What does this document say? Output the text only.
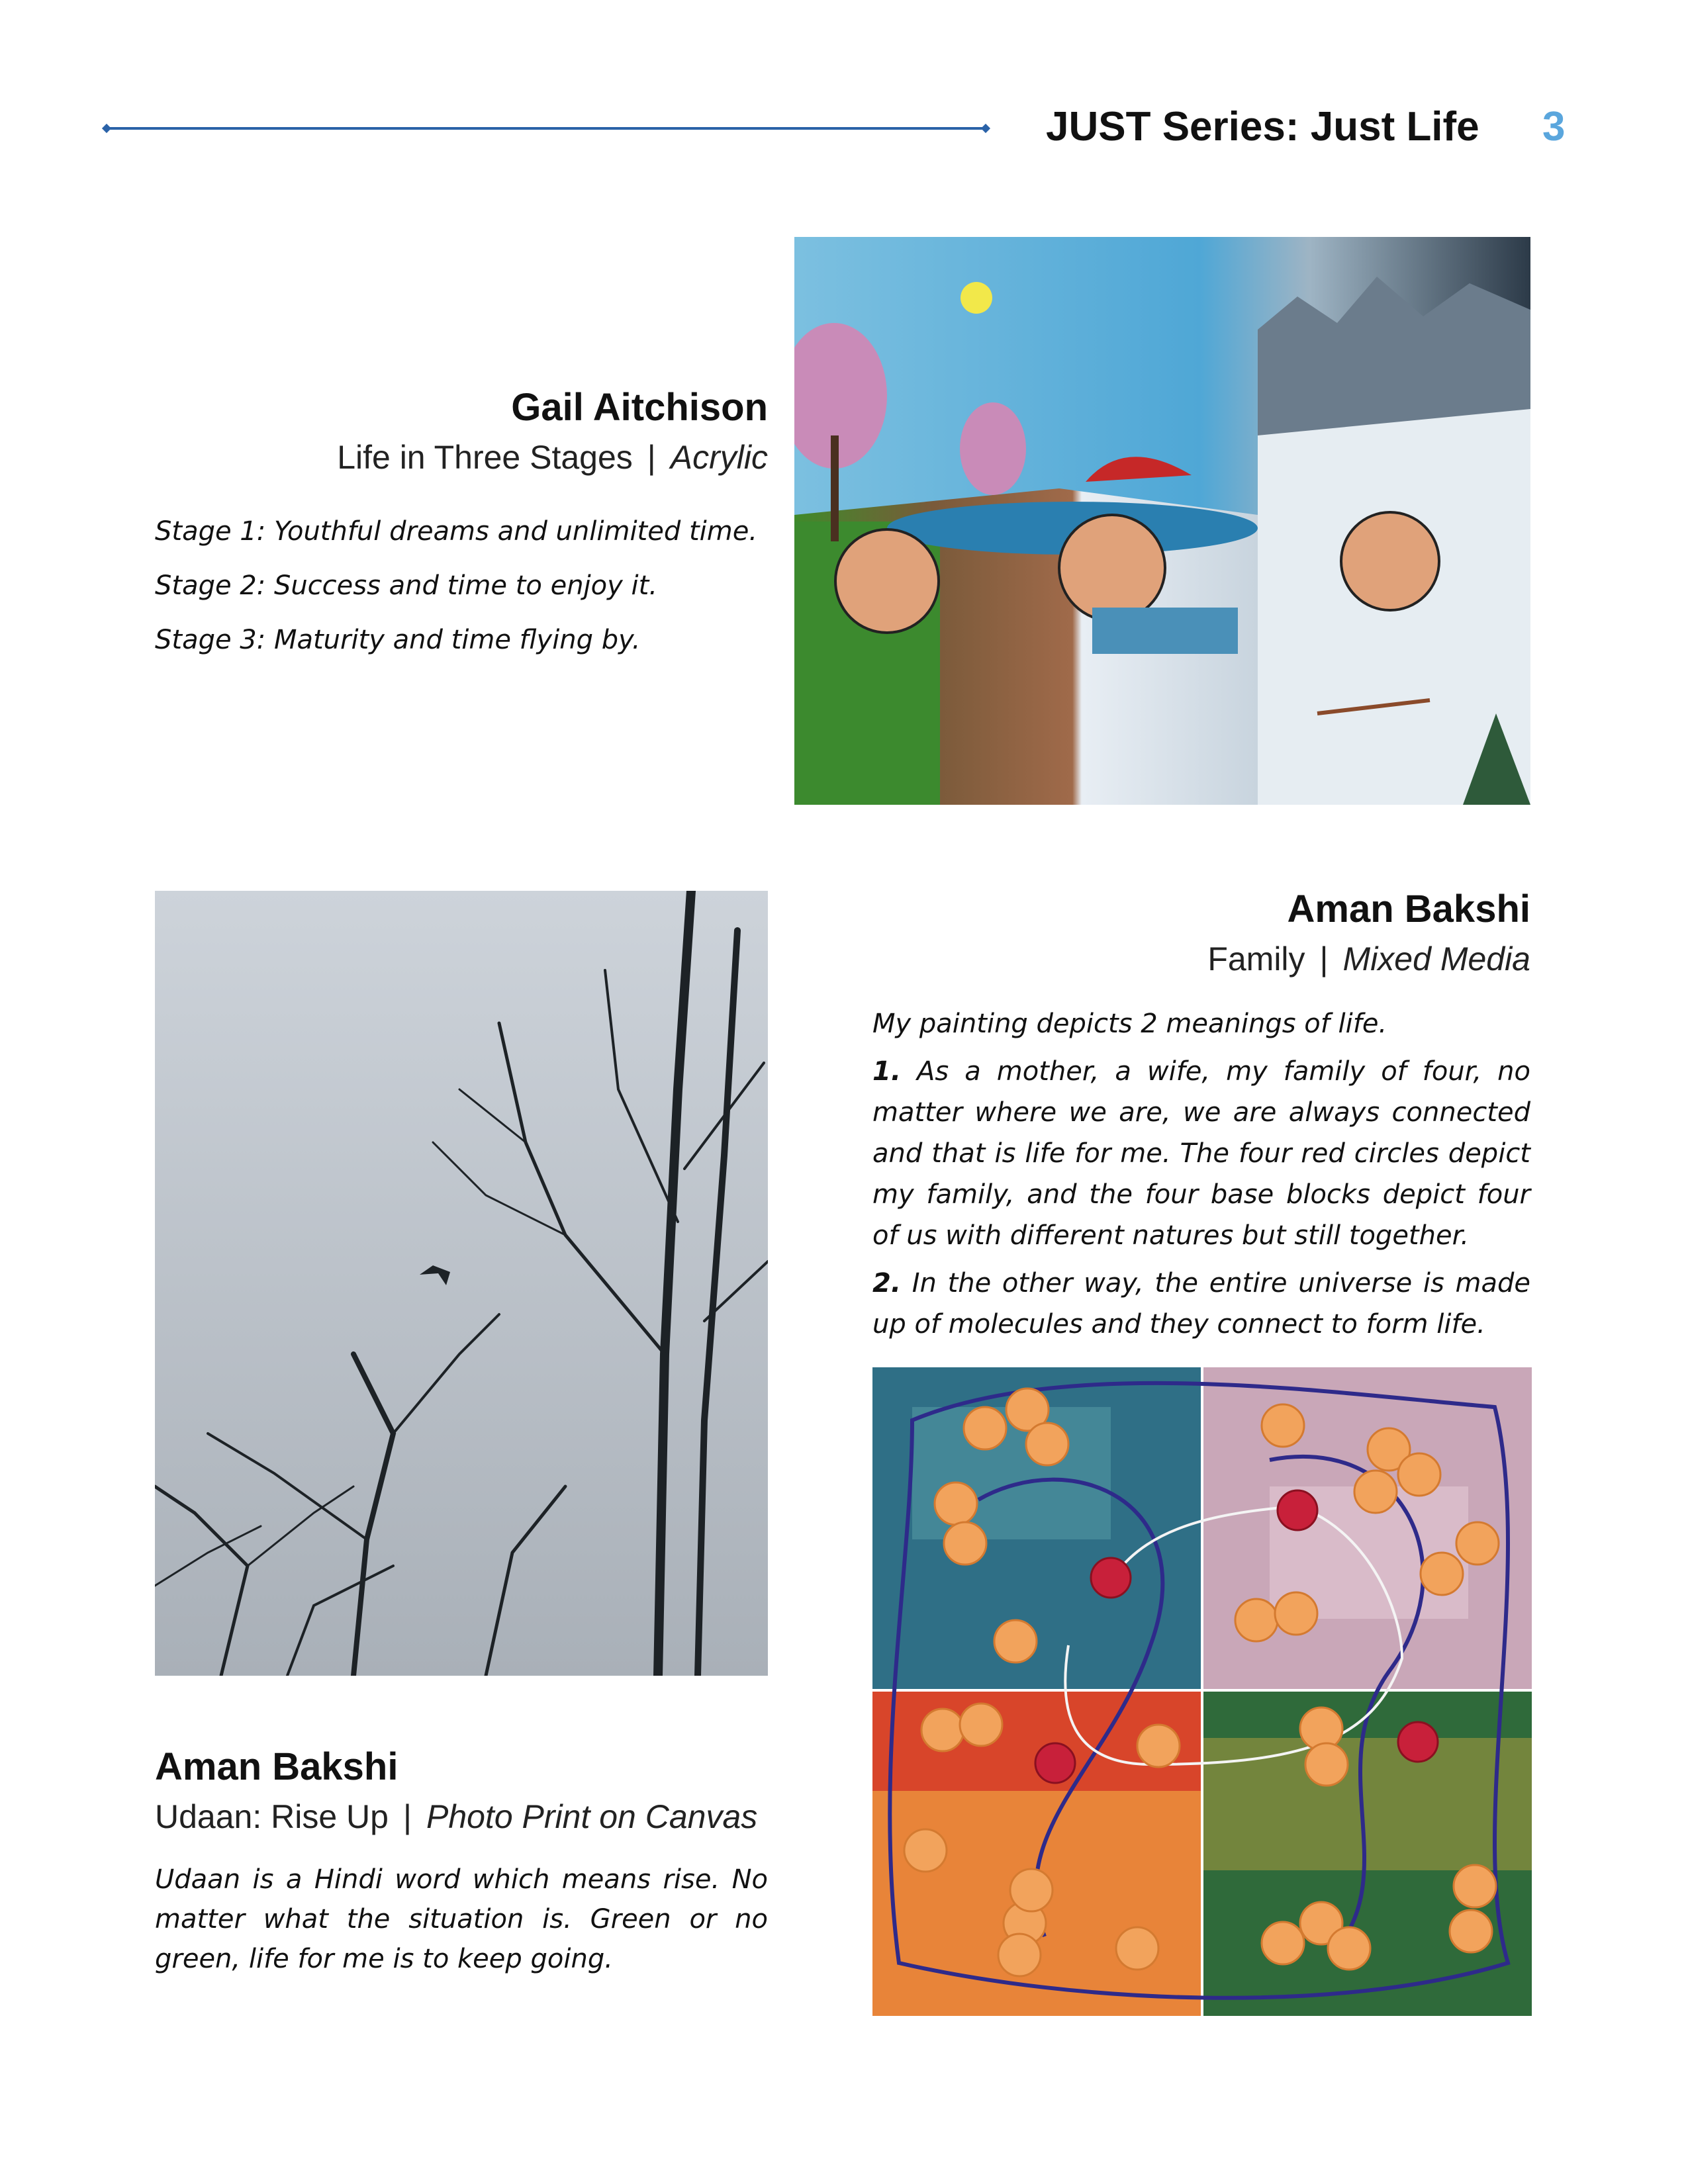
JUST Series: Just Life 3
Gail Aitchison
Life in Three Stages | Acrylic

Stage 1: Youthful dreams and unlimited time.

Stage 2: Success and time to enjoy it.

Stage 3: Maturity and time flying by.

Aman Bakshi
Udaan: Rise Up | Photo Print on Canvas
Udaan is a Hindi word which means rise. No matter what the situation is. Green or no green, life for me is to keep going.
Aman Bakshi
Family | Mixed Media

My painting depicts 2 meanings of life.

1. As a mother, a wife, my family of four, no matter where we are, we are always connected and that is life for me. The four red circles depict my family, and the four base blocks depict four of us with different natures but still together.

2. In the other way, the entire universe is made up of molecules and they connect to form life.
